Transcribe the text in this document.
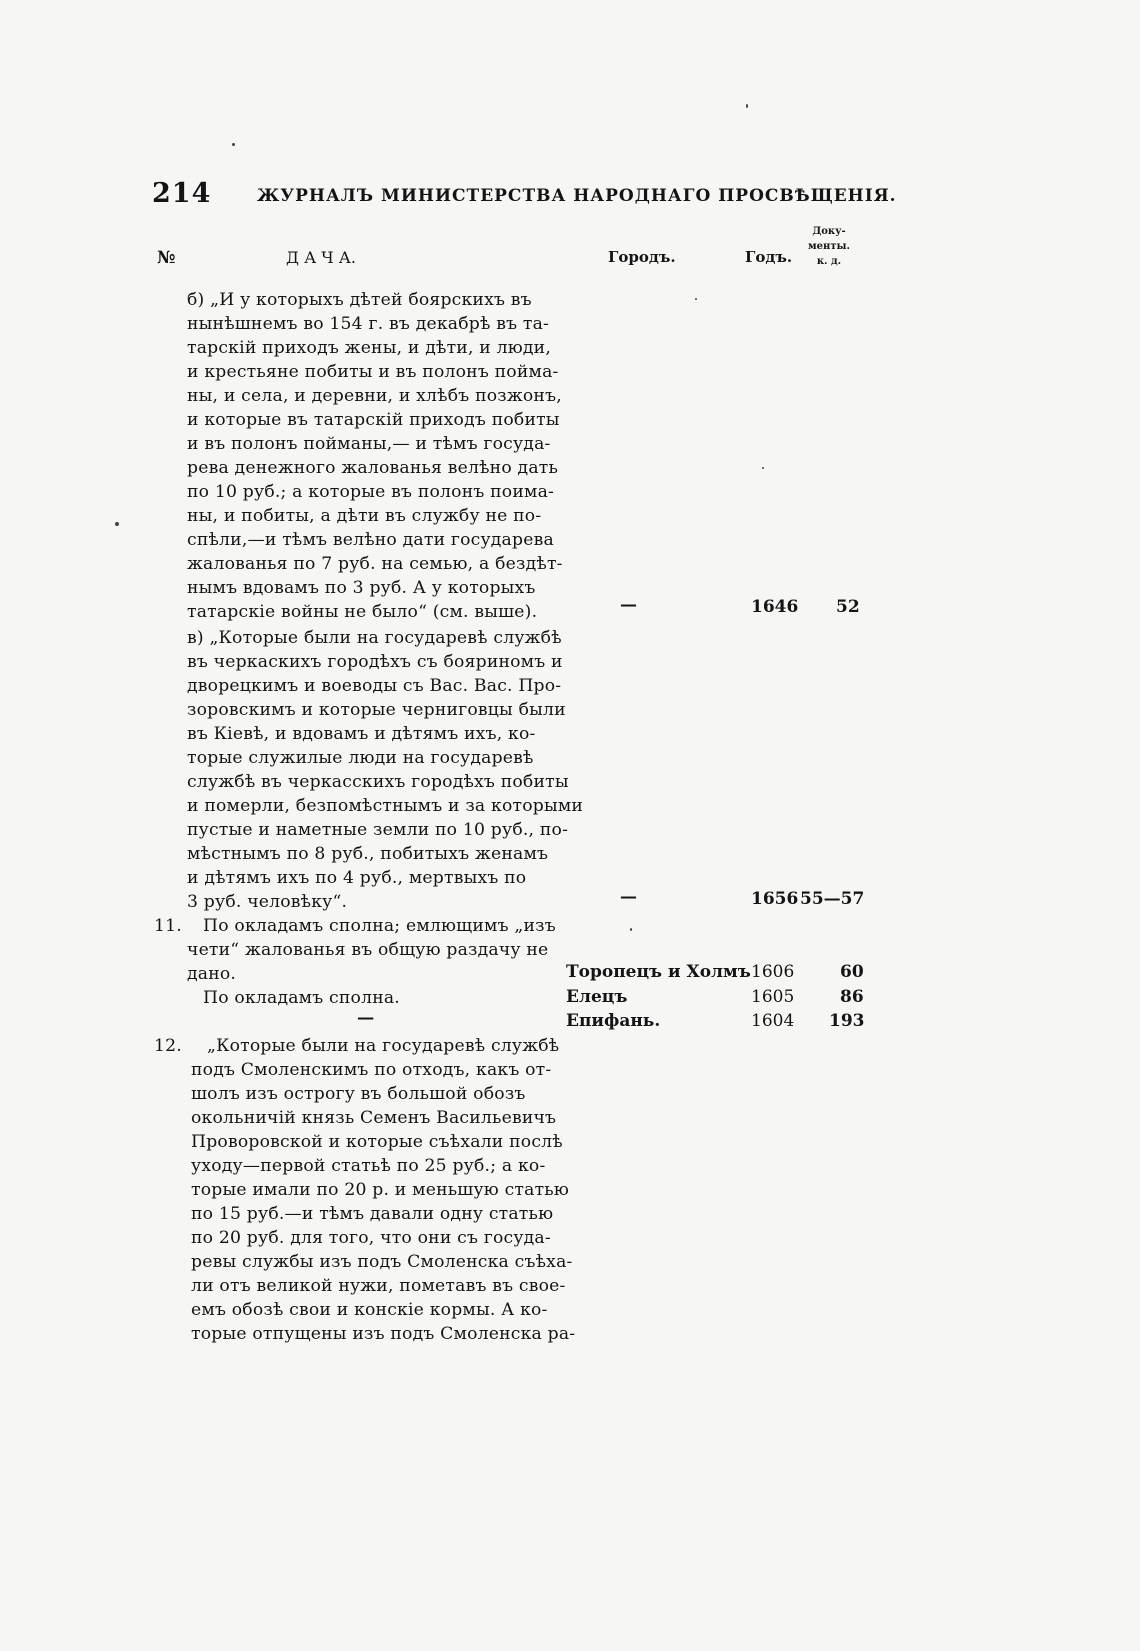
214	ЖУРНАЛЪ МИНИСТЕРСТВА НАРОДНАГО ПРОСВѢЩЕНІЯ.
№	Д А Ч А.	Городъ.	Годъ.
Доку-
менты.
к. д.
б) „И у которыхъ дѣтей боярскихъ въ
нынѣшнемъ во 154 г. въ декабрѣ въ та-
тарскій приходъ жены, и дѣти, и люди,
и крестьяне побиты и въ полонъ пойма-
ны, и села, и деревни, и хлѣбъ позжонъ,
и которые въ татарскій приходъ побиты
и въ полонъ пойманы,— и тѣмъ госуда-
рева денежного жалованья велѣно дать
по 10 руб.; а которые въ полонъ поима-
ны, и побиты, а дѣти въ службу не по-
спѣли,—и тѣмъ велѣно дати государева
жалованья по 7 руб. на семью, а бездѣт-
нымъ вдовамъ по 3 руб. А у которыхъ
татарскіе войны не было“ (см. выше).	—	1646 52
в) „Которые были на государевѣ службѣ
въ черкаскихъ городѣхъ съ бояриномъ и
дворецкимъ и воеводы съ Вас. Вас. Про-
зоровскимъ и которые черниговцы были
въ Кіевѣ, и вдовамъ и дѣтямъ ихъ, ко-
торые служилые люди на государевѣ
службѣ въ черкасскихъ городѣхъ побиты
и померли, безпомѣстнымъ и за которыми
пустые и наметные земли по 10 руб., по-
мѣстнымъ по 8 руб., побитыхъ женамъ
и дѣтямъ ихъ по 4 руб., мертвыхъ по
3 руб. человѣку“.	—	1656 55—57
11. По окладамъ сполна; емлющимъ „изъ
чети“ жалованья въ общую раздачу не
дано.	Торопецъ и Холмъ 1606	60
По окладамъ сполна.	Елецъ	1605	86
—	Епифань.	1604 193
12. „Которые были на государевѣ службѣ
подъ Смоленскимъ по отходъ, какъ от-
шолъ изъ острогу въ большой обозъ
окольничій князь Семенъ Васильевичъ
Проворовской и которые съѣхали послѣ
уходу—первой статьѣ по 25 руб.; а ко-
торые имали по 20 р. и меньшую статью
по 15 руб.—и тѣмъ давали одну статью
по 20 руб. для того, что они съ госуда-
ревы службы изъ подъ Смоленска съѣха-
ли отъ великой нужи, пометавъ въ свое-
емъ обозѣ свои и конскіе кормы. А ко-
торые отпущены изъ подъ Смоленска ра-
